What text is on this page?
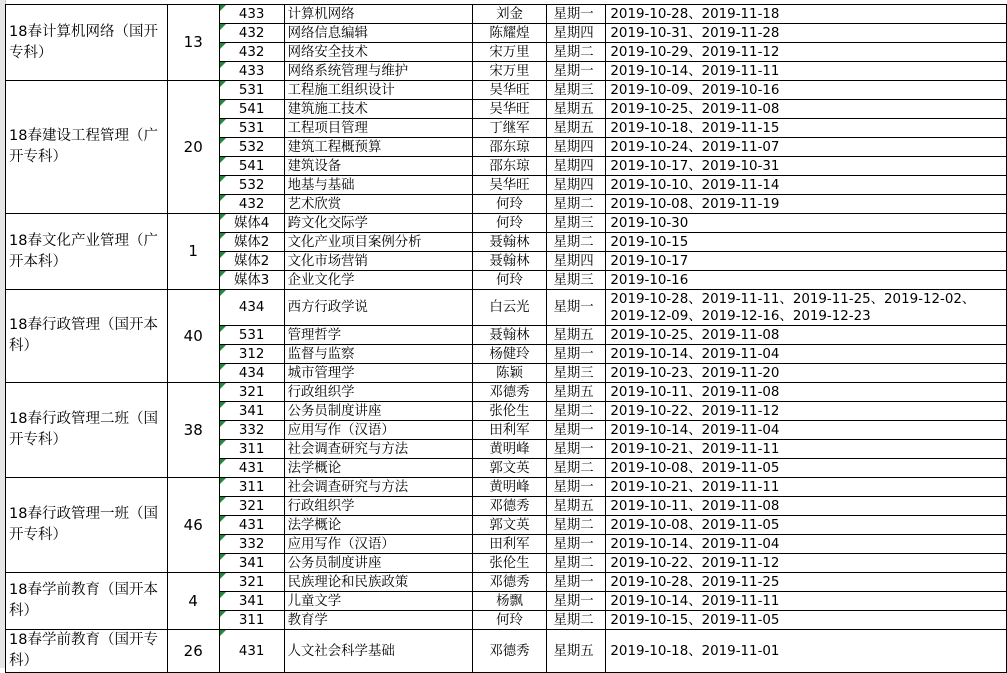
18春计算机网络（国开专科）	13	433	计算机网络	刘金	星期一	2019-10-28、2019-11-18
		432	网络信息编辑	陈耀煌	星期四	2019-10-31、2019-11-28
		432	网络安全技术	宋万里	星期二	2019-10-29、2019-11-12
		433	网络系统管理与维护	宋万里	星期一	2019-10-14、2019-11-11
18春建设工程管理（广开专科）	20	531	工程施工组织设计	吴华旺	星期三	2019-10-09、2019-10-16
		541	建筑施工技术	吴华旺	星期五	2019-10-25、2019-11-08
		531	工程项目管理	丁继军	星期五	2019-10-18、2019-11-15
		532	建筑工程概预算	邵东琼	星期四	2019-10-24、2019-11-07
		541	建筑设备	邵东琼	星期四	2019-10-17、2019-10-31
		532	地基与基础	吴华旺	星期四	2019-10-10、2019-11-14
		432	艺术欣赏	何玲	星期二	2019-10-08、2019-11-19
18春文化产业管理（广开本科）	1	媒体4	跨文化交际学	何玲	星期三	2019-10-30
		媒体2	文化产业项目案例分析	聂翰林	星期二	2019-10-15
		媒体2	文化市场营销	聂翰林	星期四	2019-10-17
		媒体3	企业文化学	何玲	星期三	2019-10-16
18春行政管理（国开本科）	40	434	西方行政学说	白云光	星期一	2019-10-28、2019-11-11、2019-11-25、2019-12-02、2019-12-09、2019-12-16、2019-12-23
		531	管理哲学	聂翰林	星期五	2019-10-25、2019-11-08
		312	监督与监察	杨健玲	星期一	2019-10-14、2019-11-04
		434	城市管理学	陈颖	星期三	2019-10-23、2019-11-20
18春行政管理二班（国开专科）	38	321	行政组织学	邓德秀	星期五	2019-10-11、2019-11-08
		341	公务员制度讲座	张伦生	星期二	2019-10-22、2019-11-12
		332	应用写作（汉语）	田利军	星期一	2019-10-14、2019-11-04
		311	社会调查研究与方法	黄明峰	星期一	2019-10-21、2019-11-11
		431	法学概论	郭文英	星期二	2019-10-08、2019-11-05
18春行政管理一班（国开专科）	46	311	社会调查研究与方法	黄明峰	星期一	2019-10-21、2019-11-11
		321	行政组织学	邓德秀	星期五	2019-10-11、2019-11-08
		431	法学概论	郭文英	星期二	2019-10-08、2019-11-05
		332	应用写作（汉语）	田利军	星期一	2019-10-14、2019-11-04
		341	公务员制度讲座	张伦生	星期二	2019-10-22、2019-11-12
18春学前教育（国开本科）	4	321	民族理论和民族政策	邓德秀	星期一	2019-10-28、2019-11-25
		341	儿童文学	杨飘	星期一	2019-10-14、2019-11-11
		311	教育学	何玲	星期二	2019-10-15、2019-11-05
18春学前教育（国开专科）	26	431	人文社会科学基础	邓德秀	星期五	2019-10-18、2019-11-01
